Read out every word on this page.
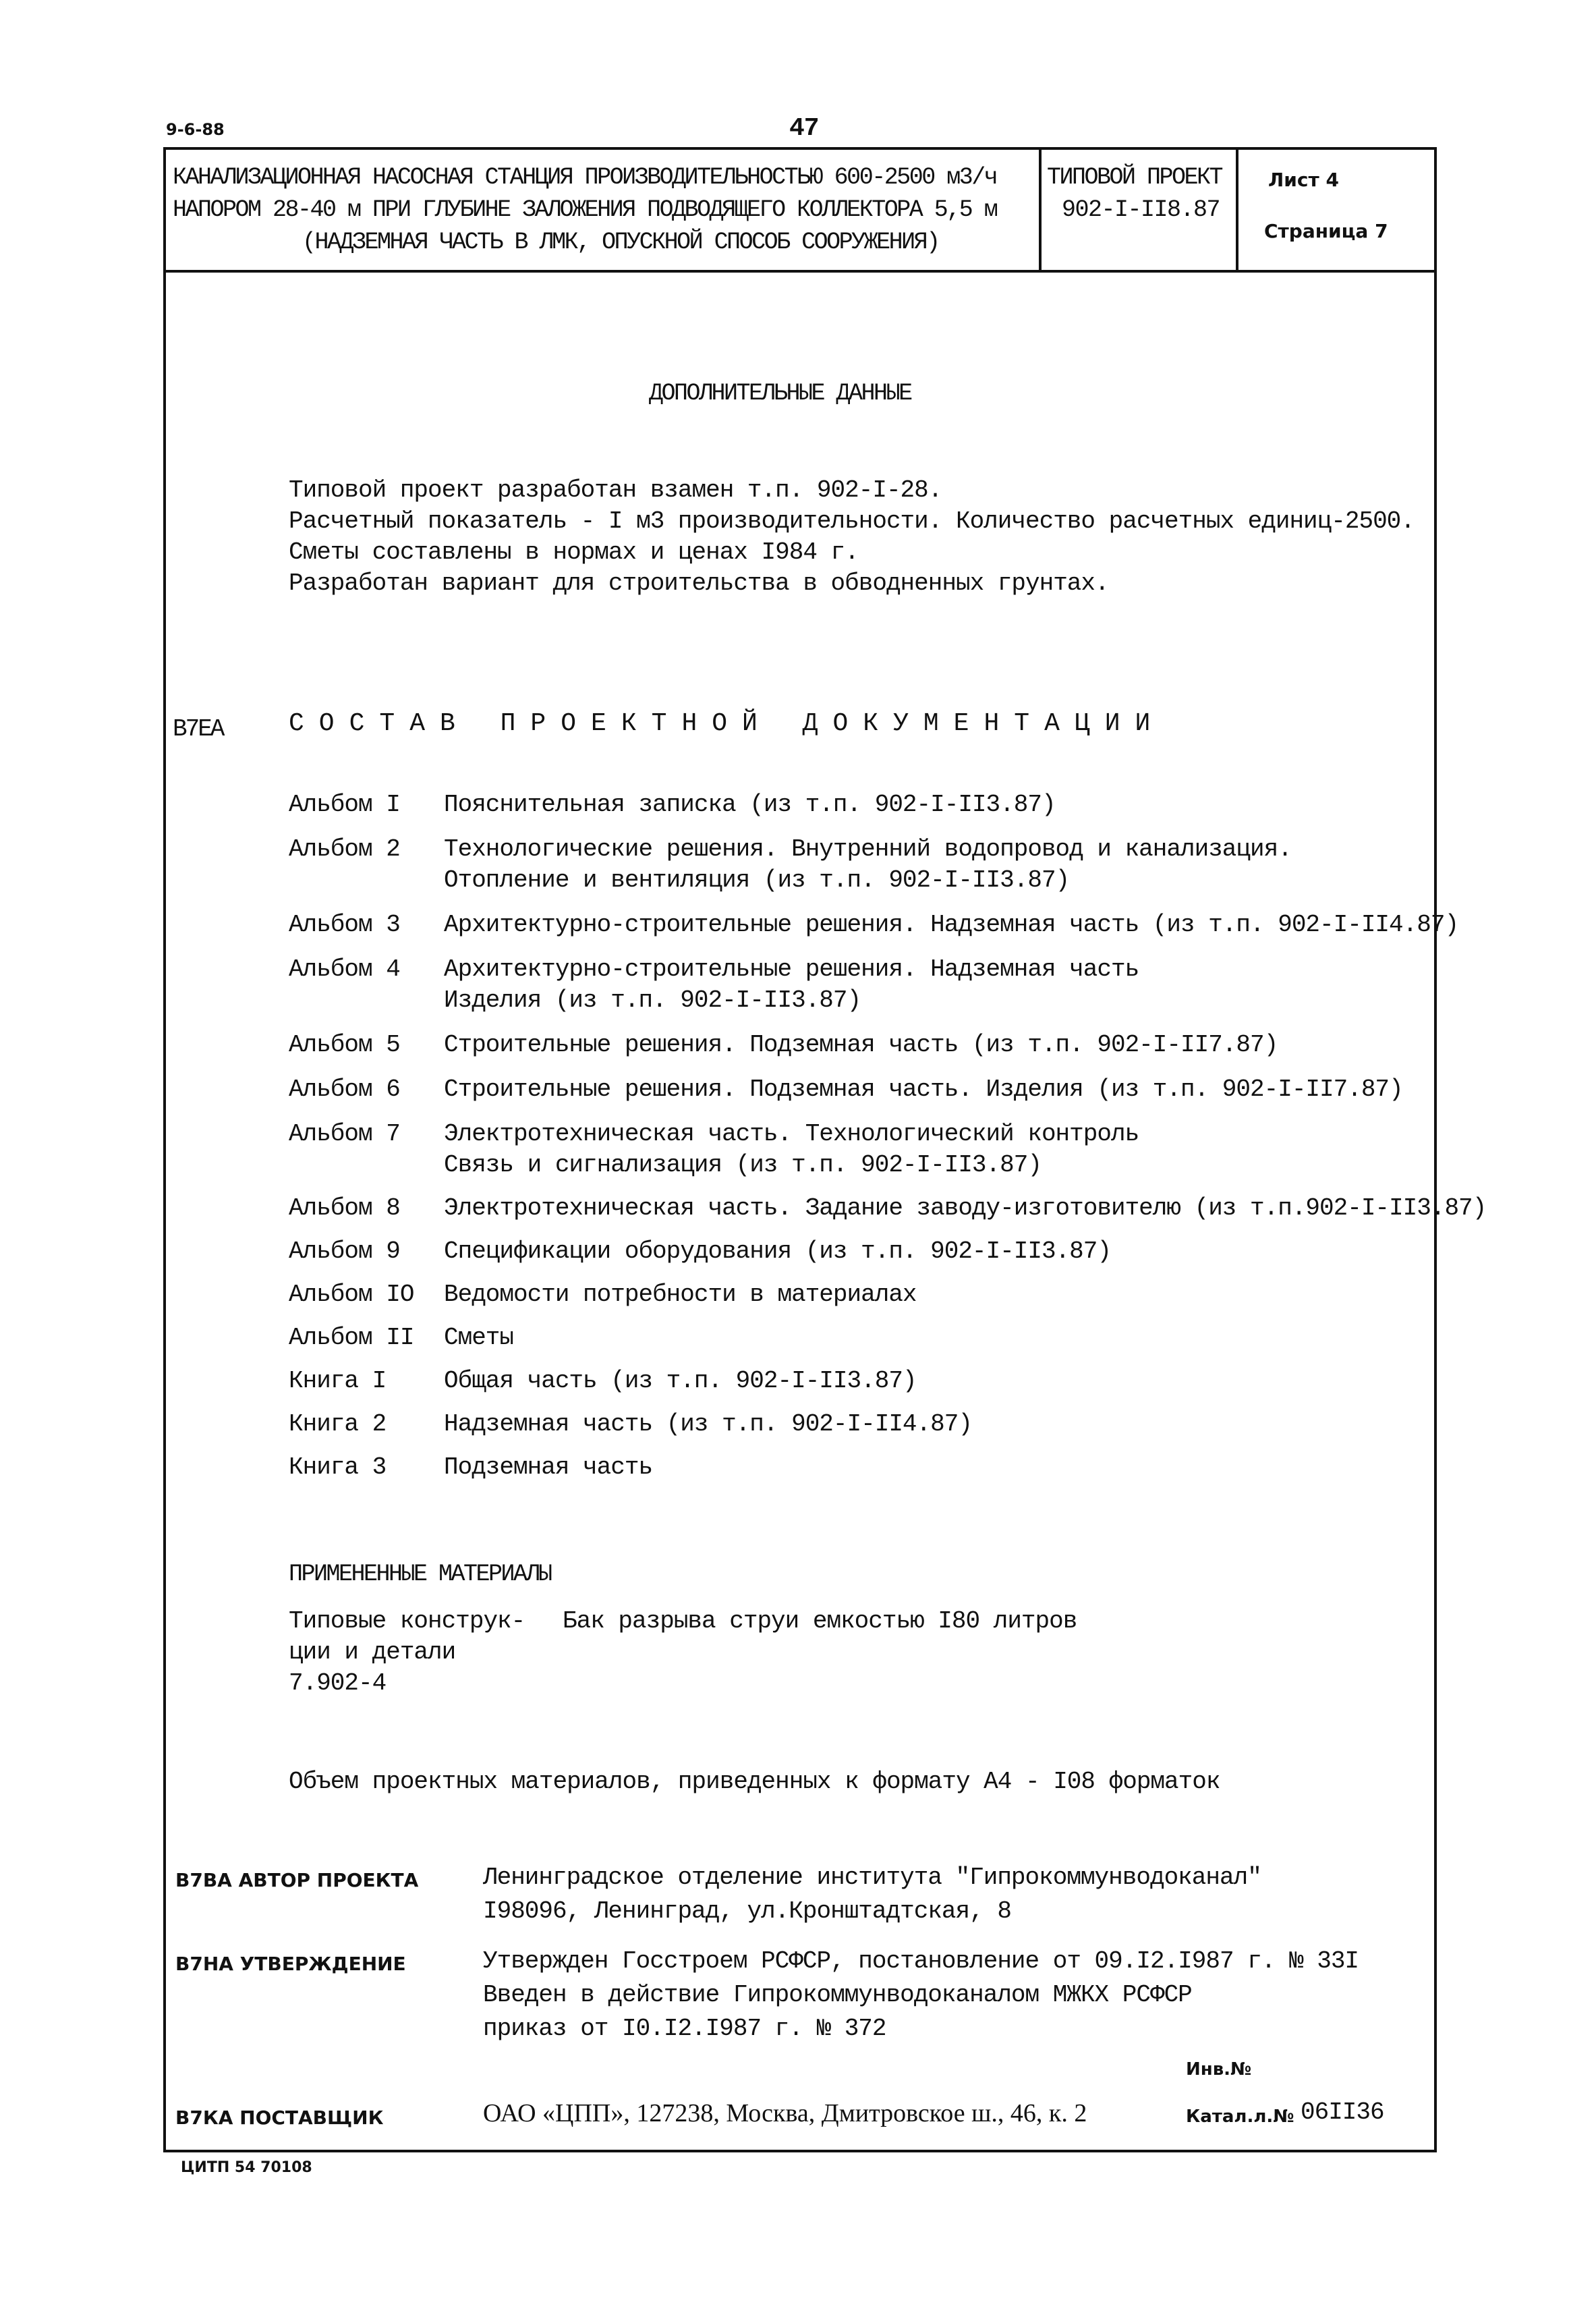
9-6-88	47
КАНАЛИЗАЦИОННАЯ НАСОСНАЯ СТАНЦИЯ ПРОИЗВОДИТЕЛЬНОСТЬЮ 600-2500 м3/ч
НАПОРОМ 28-40 м ПРИ ГЛУБИНЕ ЗАЛОЖЕНИЯ ПОДВОДЯЩЕГО КОЛЛЕКТОРА 5,5 м
(НАДЗЕМНАЯ ЧАСТЬ В ЛМК, ОПУСКНОЙ СПОСОБ СООРУЖЕНИЯ)
ТИПОВОЙ ПРОЕКТ
902-I-II8.87
Лист 4
Страница 7
ДОПОЛНИТЕЛЬНЫЕ ДАННЫЕ
Типовой проект разработан взамен т.п. 902-I-28.
Расчетный показатель - I м3 производительности. Количество расчетных единиц-2500.
Сметы составлены в нормах и ценах I984 г.
Разработан вариант для строительства в обводненных грунтах.
В7ЕА	СОСТАВ ПРОЕКТНОЙ ДОКУМЕНТАЦИИ
Альбом I Пояснительная записка (из т.п. 902-I-II3.87)
Альбом 2 Технологические решения. Внутренний водопровод и канализация.
Отопление и вентиляция (из т.п. 902-I-II3.87)
Альбом 3 Архитектурно-строительные решения. Надземная часть (из т.п. 902-I-II4.87)
Альбом 4 Архитектурно-строительные решения. Надземная часть
Изделия (из т.п. 902-I-II3.87)
Альбом 5 Строительные решения. Подземная часть (из т.п. 902-I-II7.87)
Альбом 6 Строительные решения. Подземная часть. Изделия (из т.п. 902-I-II7.87)
Альбом 7 Электротехническая часть. Технологический контроль
Связь и сигнализация (из т.п. 902-I-II3.87)
Альбом 8 Электротехническая часть. Задание заводу-изготовителю (из т.п.902-I-II3.87)
Альбом 9 Спецификации оборудования (из т.п. 902-I-II3.87)
Альбом IO Ведомости потребности в материалах
Альбом II Сметы
Книга I Общая часть (из т.п. 902-I-II3.87)
Книга 2 Надземная часть (из т.п. 902-I-II4.87)
Книга 3 Подземная часть
ПРИМЕНЕННЫЕ МАТЕРИАЛЫ
Типовые конструк-
ции и детали
7.902-4
Бак разрыва струи емкостью I80 литров
Объем проектных материалов, приведенных к формату А4 - I08 форматок
В7ВА АВТОР ПРОЕКТА	Ленинградское отделение института "Гипрокоммунводоканал"
I98096, Ленинград, ул.Кронштадтская, 8
В7НА УТВЕРЖДЕНИЕ	Утвержден Госстроем РСФСР, постановление от 09.I2.I987 г. № 33I
Введен в действие Гипрокоммунводоканалом МЖКХ РСФСР
приказ от I0.I2.I987 г. № 372
Инв.№
В7КА ПОСТАВЩИК	ОАО «ЦПП», 127238, Москва, Дмитровское ш., 46, к. 2	Катал.л.№ 06II36
ЦИТП 54 70108
